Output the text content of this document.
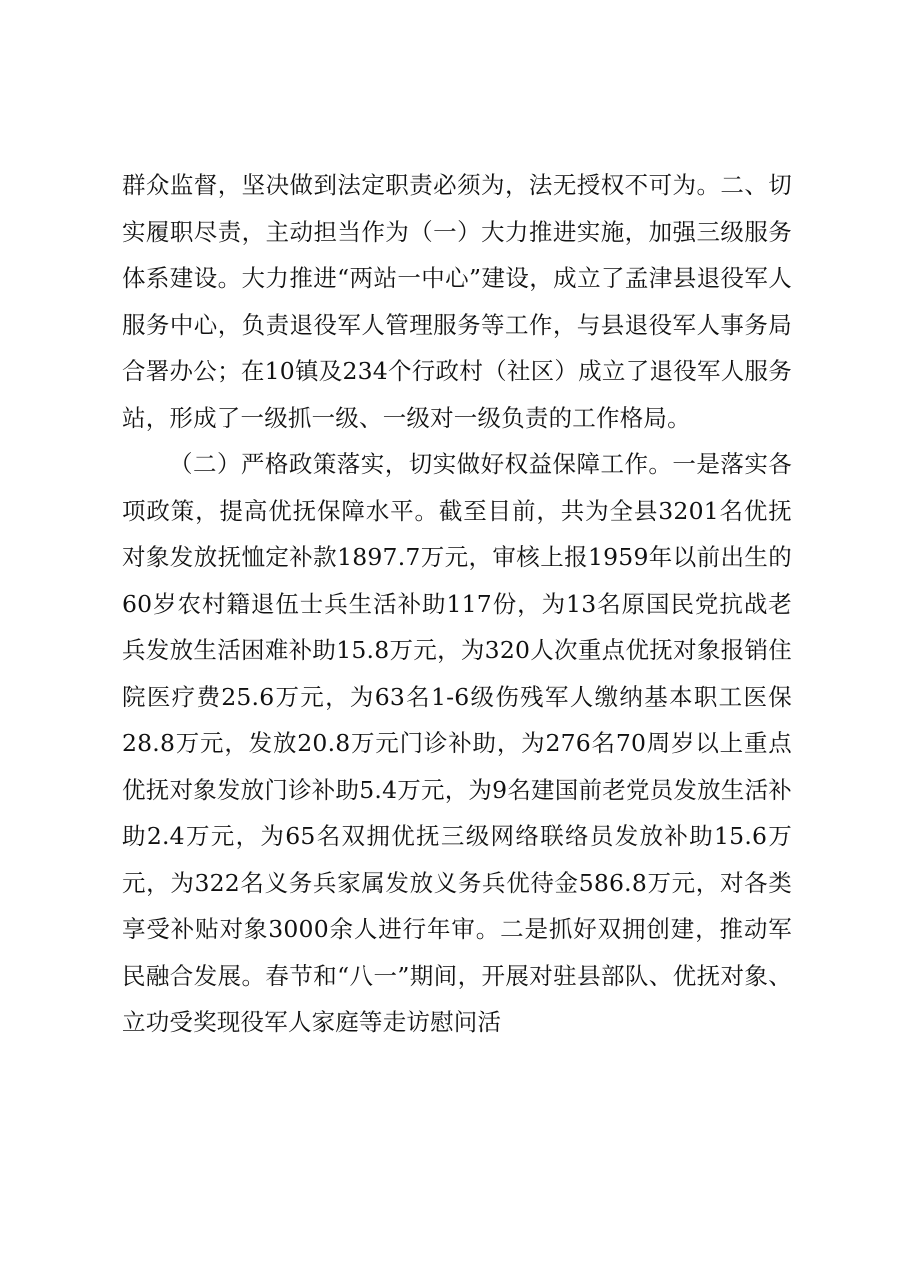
群众监督，坚决做到法定职责必须为，法无授权不可为。二、切实履职尽责，主动担当作为（一）大力推进实施，加强三级服务体系建设。大力推进“两站一中心”建设，成立了孟津县退役军人服务中心，负责退役军人管理服务等工作，与县退役军人事务局合署办公；在10镇及234个行政村（社区）成立了退役军人服务站，形成了一级抓一级、一级对一级负责的工作格局。

（二）严格政策落实，切实做好权益保障工作。一是落实各项政策，提高优抚保障水平。截至目前，共为全县3201名优抚对象发放抚恤定补款1897.7万元，审核上报1959年以前出生的60岁农村籍退伍士兵生活补助117份，为13名原国民党抗战老兵发放生活困难补助15.8万元，为320人次重点优抚对象报销住院医疗费25.6万元，为63名1-6级伤残军人缴纳基本职工医保28.8万元，发放20.8万元门诊补助，为276名70周岁以上重点优抚对象发放门诊补助5.4万元，为9名建国前老党员发放生活补助2.4万元，为65名双拥优抚三级网络联络员发放补助15.6万元，为322名义务兵家属发放义务兵优待金586.8万元，对各类享受补贴对象3000余人进行年审。二是抓好双拥创建，推动军民融合发展。春节和“八一”期间，开展对驻县部队、优抚对象、立功受奖现役军人家庭等走访慰问活
